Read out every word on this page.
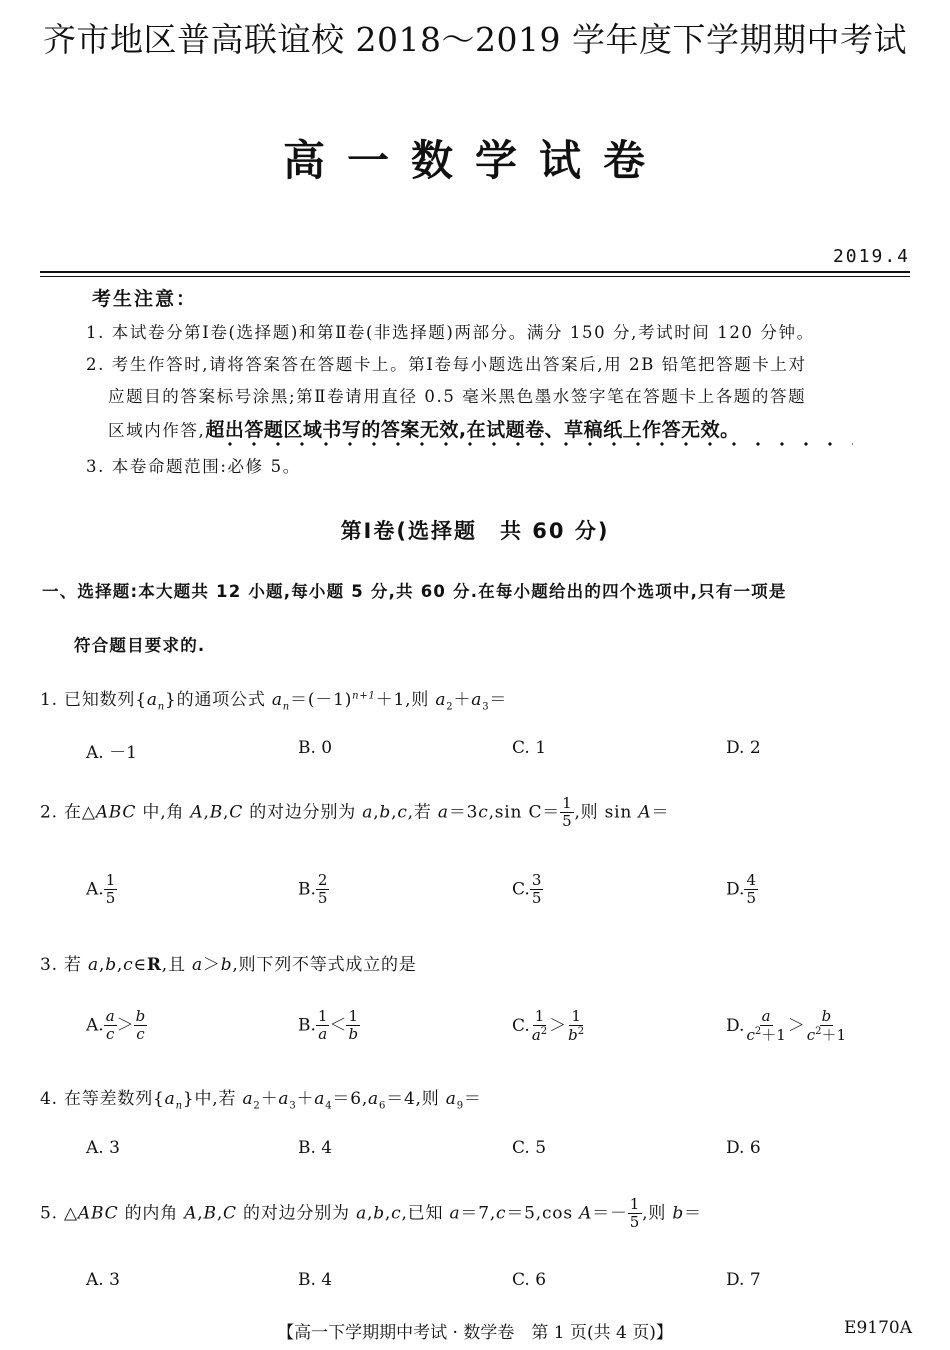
齐市地区普高联谊校 2018～2019 学年度下学期期中考试
高一数学试卷
2019.4
考生注意：
1. 本试卷分第Ⅰ卷(选择题)和第Ⅱ卷(非选择题)两部分。满分 150 分,考试时间 120 分钟。
2. 考生作答时,请将答案答在答题卡上。第Ⅰ卷每小题选出答案后,用 2B 铅笔把答题卡上对
应题目的答案标号涂黑;第Ⅱ卷请用直径 0.5 毫米黑色墨水签字笔在答题卡上各题的答题
区域内作答,超出答题区域书写的答案无效,在试题卷、草稿纸上作答无效。
3. 本卷命题范围:必修 5。
第Ⅰ卷(选择题　共 60 分)
一、选择题:本大题共 12 小题,每小题 5 分,共 60 分.在每小题给出的四个选项中,只有一项是
符合题目要求的.
1. 已知数列$\{a_n\}$的通项公式 $a_n=(-1)^{n+1}+1$,则 $a_2+a_3=$
A. －1	B. 0	C. 1	D. 2
2. 在△ABC 中,角 A,B,C 的对边分别为 a,b,c,若 a＝3c,sin $C= \frac{1}{5}$ ,则 sin A＝
A. $\frac{1}{5}$	B. $\frac{2}{5}$	C. $\frac{3}{5}$	D. $\frac{4}{5}$
3. 若 a,b,c∈R,且 a＞b,则下列不等式成立的是
A. $\frac{a}{c} > \frac{b}{c}$	B. $\frac{1}{a} < \frac{1}{b}$	C. $\frac{1}{a^2} > \frac{1}{b^2}$	D. $\frac{a}{c^2+1} > \frac{b}{c^2+1}$
4. 在等差数列$\{a_n\}$中,若 $a_2+a_3+a_4=6,a_6=4$,则 $a_9=$
A. 3	B. 4	C. 5	D. 6
5. △ABC 的内角 A,B,C 的对边分别为 a,b,c,已知 a＝7,c＝5,cos $A=- \frac{1}{5}$ ,则 b＝
A. 3	B. 4	C. 6	D. 7
【高一下学期期中考试 · 数学卷　第 1 页(共 4 页)】	E9170A
